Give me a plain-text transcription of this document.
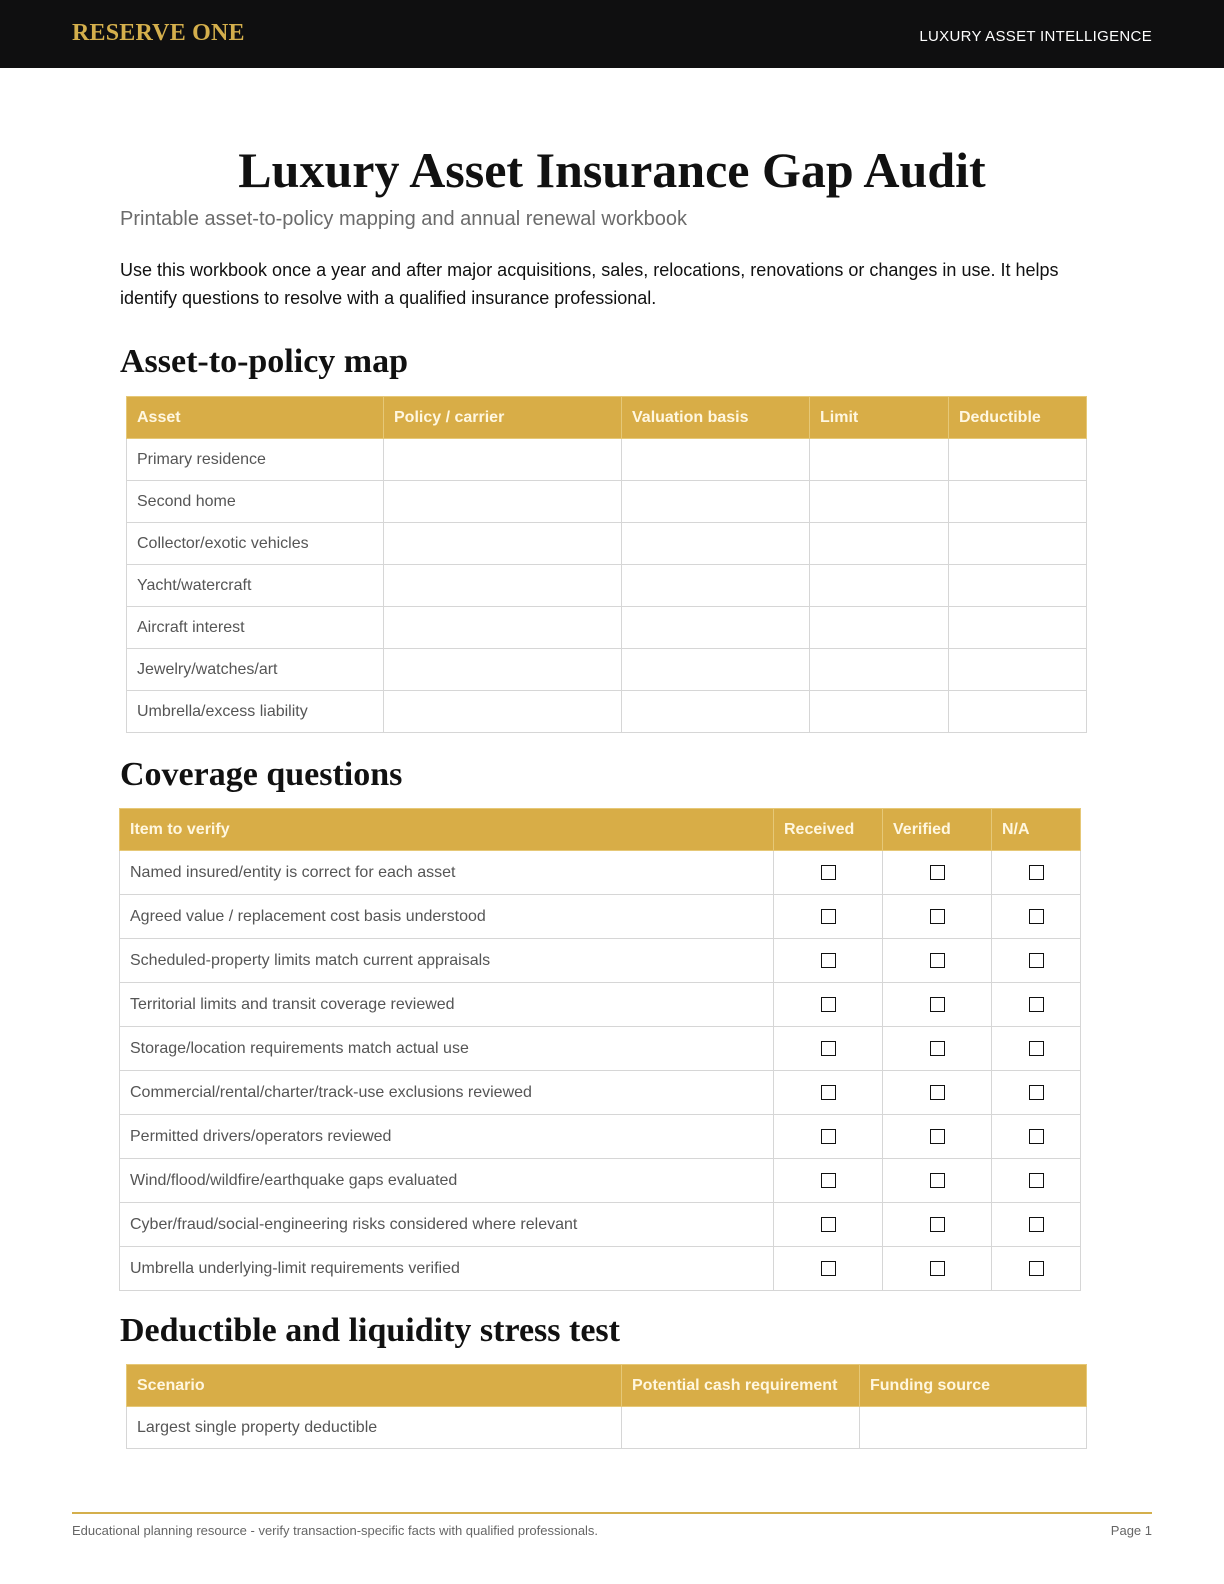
RESERVE ONE	LUXURY ASSET INTELLIGENCE
Luxury Asset Insurance Gap Audit
Printable asset-to-policy mapping and annual renewal workbook
Use this workbook once a year and after major acquisitions, sales, relocations, renovations or changes in use. It helps identify questions to resolve with a qualified insurance professional.
Asset-to-policy map
Asset	Policy / carrier	Valuation basis	Limit	Deductible
Primary residence				
Second home				
Collector/exotic vehicles				
Yacht/watercraft				
Aircraft interest				
Jewelry/watches/art				
Umbrella/excess liability				
Coverage questions
Item to verify	Received	Verified	N/A
Named insured/entity is correct for each asset			
Agreed value / replacement cost basis understood			
Scheduled-property limits match current appraisals			
Territorial limits and transit coverage reviewed			
Storage/location requirements match actual use			
Commercial/rental/charter/track-use exclusions reviewed			
Permitted drivers/operators reviewed			
Wind/flood/wildfire/earthquake gaps evaluated			
Cyber/fraud/social-engineering risks considered where relevant			
Umbrella underlying-limit requirements verified			
Deductible and liquidity stress test
Scenario	Potential cash requirement	Funding source
Largest single property deductible		
Educational planning resource - verify transaction-specific facts with qualified professionals.	Page 1
